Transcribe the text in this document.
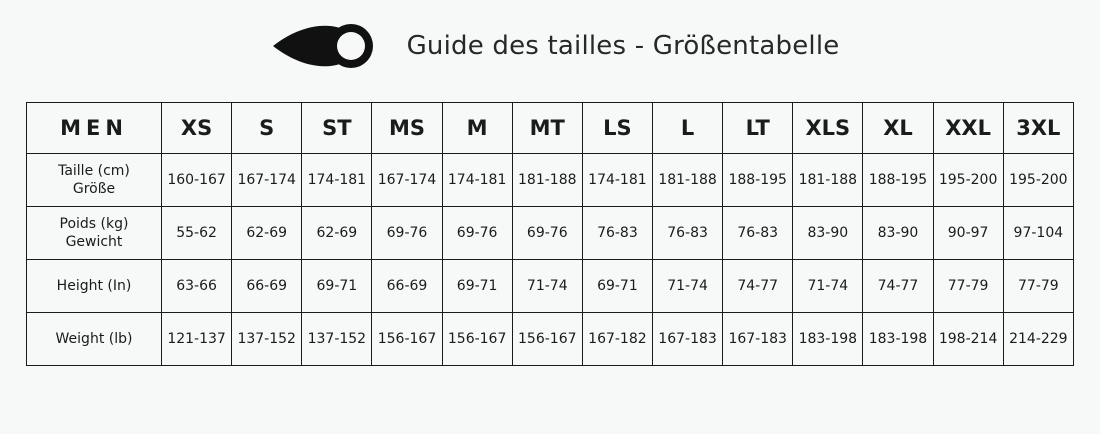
Guide des tailles - Größentabelle
MEN	XS	S	ST	MS	M	MT	LS	L	LT	XLS	XL	XXL	3XL
Taille (cm)
Größe	160-167	167-174	174-181	167-174	174-181	181-188	174-181	181-188	188-195	181-188	188-195	195-200	195-200
Poids (kg)
Gewicht	55-62	62-69	62-69	69-76	69-76	69-76	76-83	76-83	76-83	83-90	83-90	90-97	97-104
Height (In)	63-66	66-69	69-71	66-69	69-71	71-74	69-71	71-74	74-77	71-74	74-77	77-79	77-79
Weight (lb)	121-137	137-152	137-152	156-167	156-167	156-167	167-182	167-183	167-183	183-198	183-198	198-214	214-229
